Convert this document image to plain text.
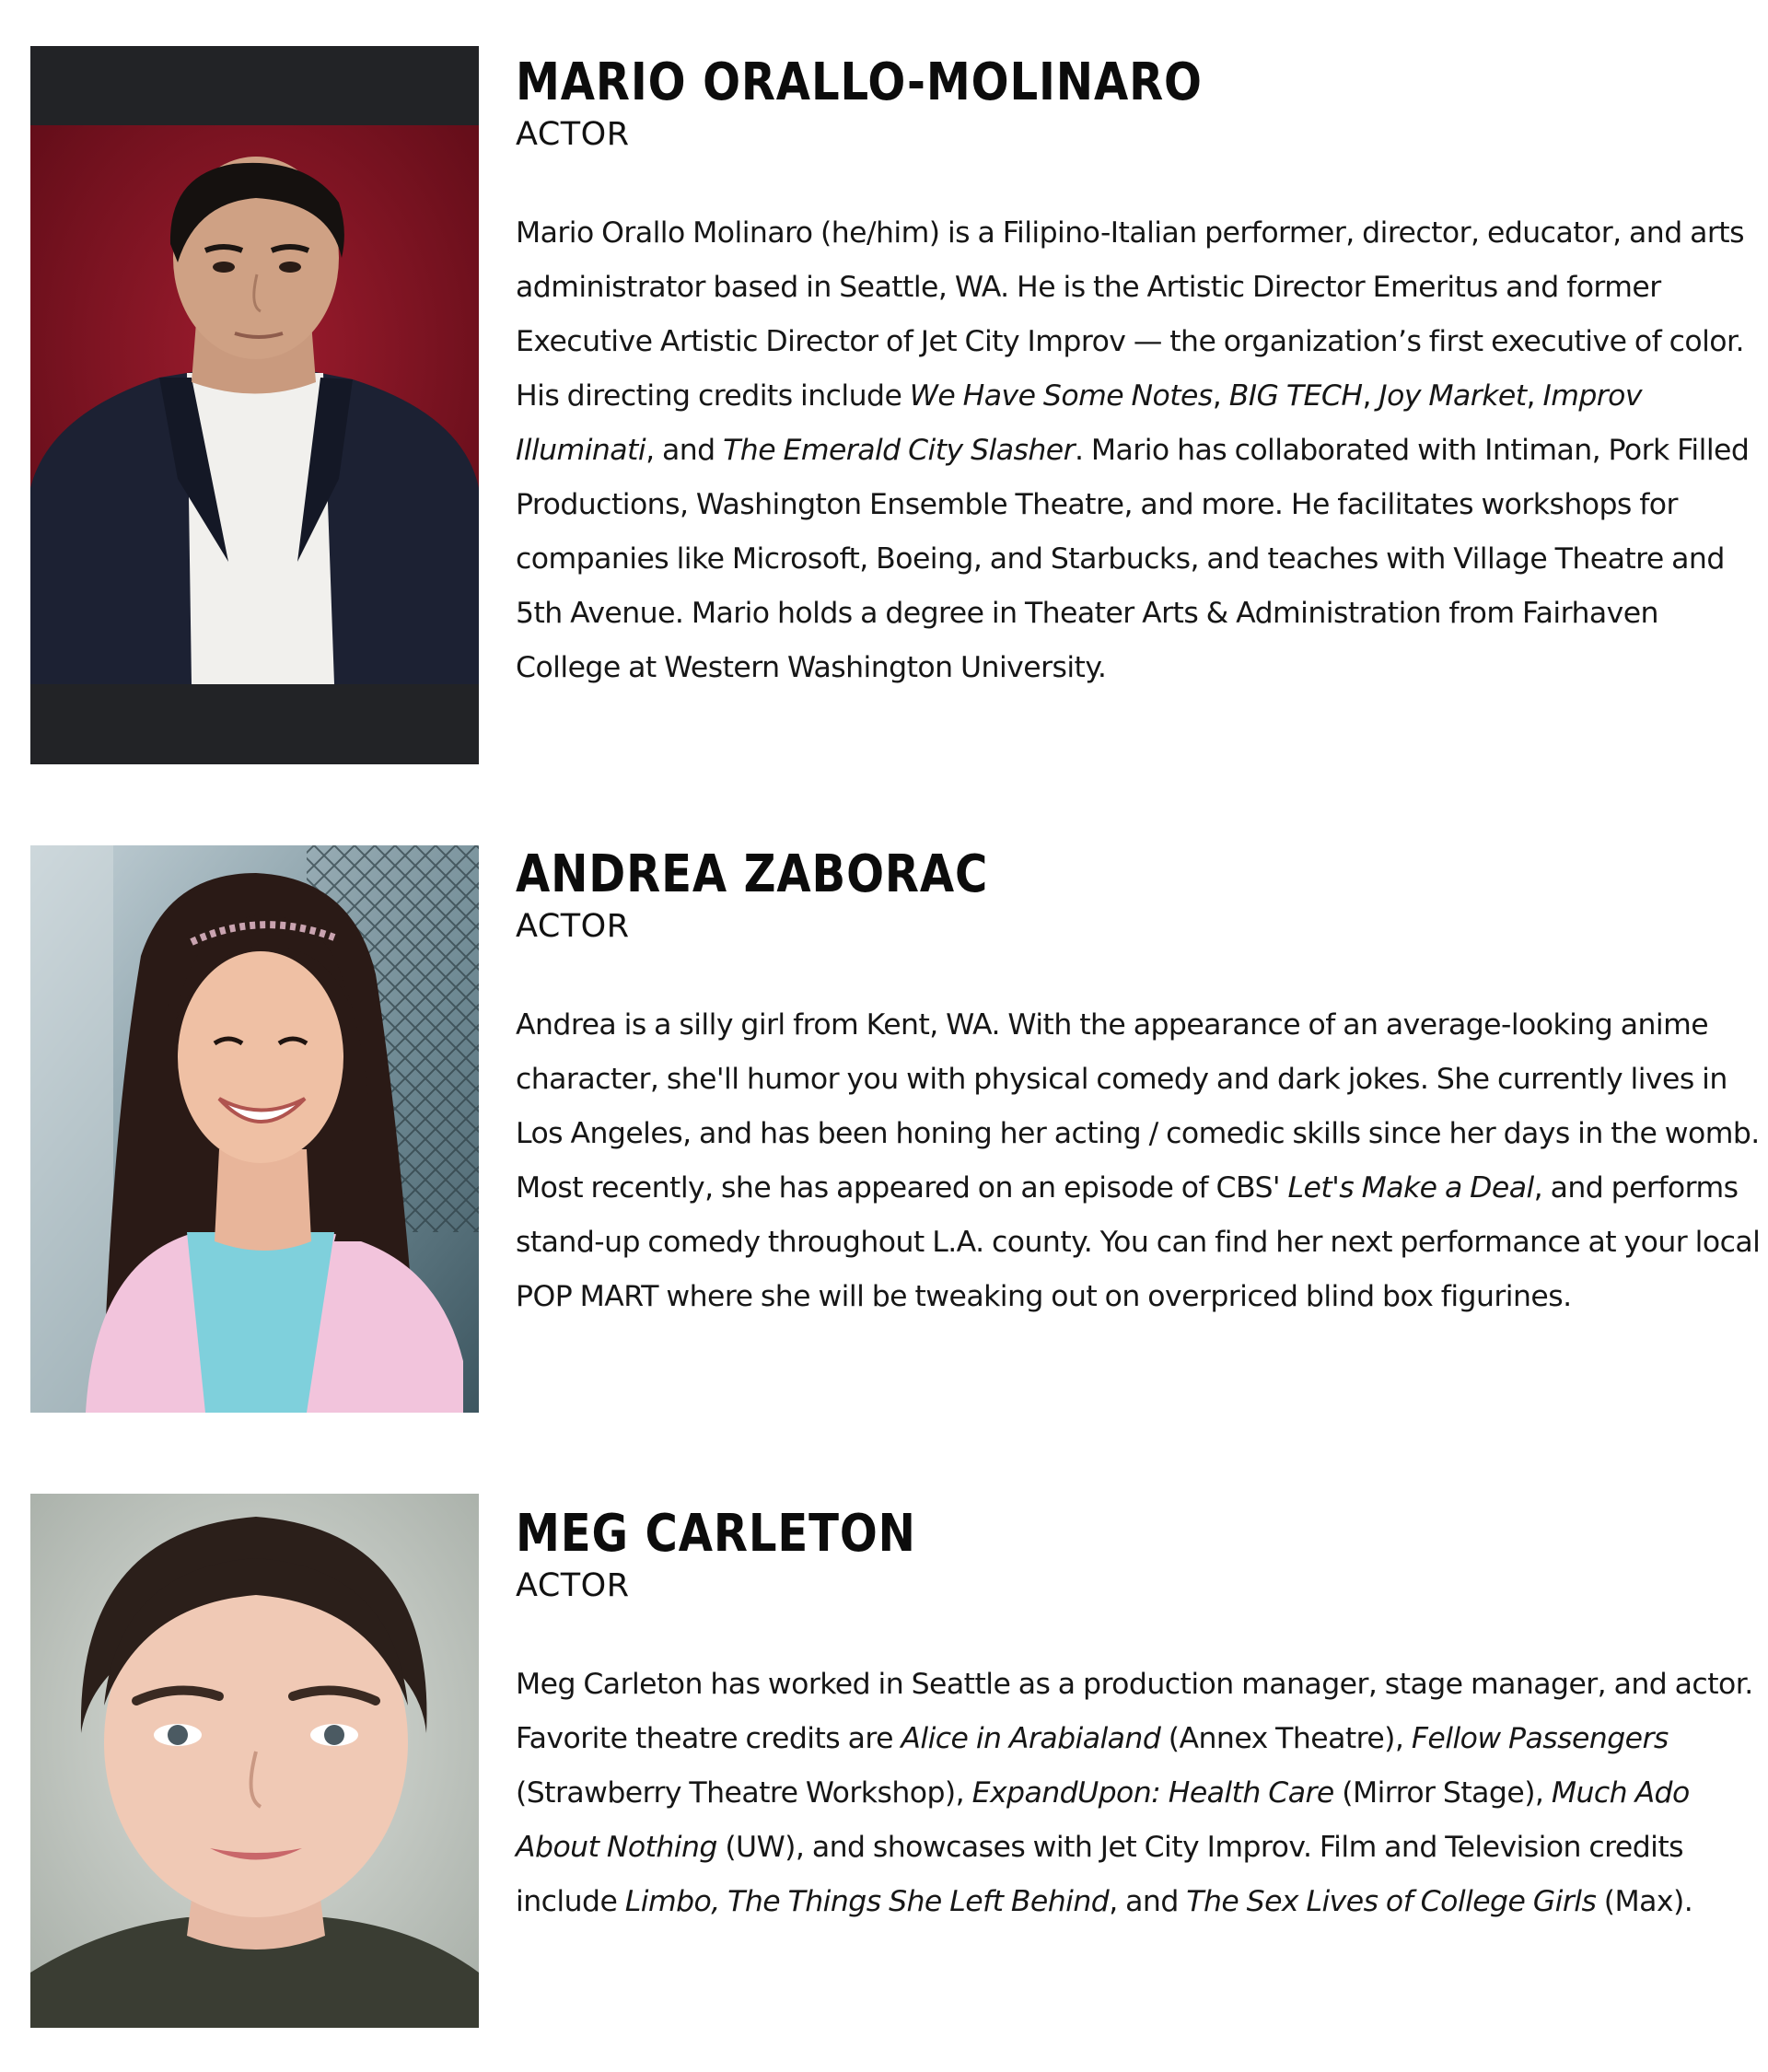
MARIO ORALLO-MOLINARO

ACTOR

Mario Orallo Molinaro (he/him) is a Filipino-Italian performer, director, educator, and arts administrator based in Seattle, WA. He is the Artistic Director Emeritus and former Executive Artistic Director of Jet City Improv — the organization’s first executive of color. His directing credits include We Have Some Notes, BIG TECH, Joy Market, Improv Illuminati, and The Emerald City Slasher. Mario has collaborated with Intiman, Pork Filled Productions, Washington Ensemble Theatre, and more. He facilitates workshops for companies like Microsoft, Boeing, and Starbucks, and teaches with Village Theatre and 5th Avenue. Mario holds a degree in Theater Arts & Administration from Fairhaven College at Western Washington University.

ANDREA ZABORAC

ACTOR

Andrea is a silly girl from Kent, WA. With the appearance of an average-looking anime character, she'll humor you with physical comedy and dark jokes. She currently lives in Los Angeles, and has been honing her acting / comedic skills since her days in the womb. Most recently, she has appeared on an episode of CBS' Let's Make a Deal, and performs stand-up comedy throughout L.A. county. You can find her next performance at your local POP MART where she will be tweaking out on overpriced blind box figurines.

MEG CARLETON

ACTOR

Meg Carleton has worked in Seattle as a production manager, stage manager, and actor. Favorite theatre credits are Alice in Arabialand (Annex Theatre), Fellow Passengers (Strawberry Theatre Workshop), ExpandUpon: Health Care (Mirror Stage), Much Ado About Nothing (UW), and showcases with Jet City Improv. Film and Television credits include Limbo, The Things She Left Behind, and The Sex Lives of College Girls (Max).
